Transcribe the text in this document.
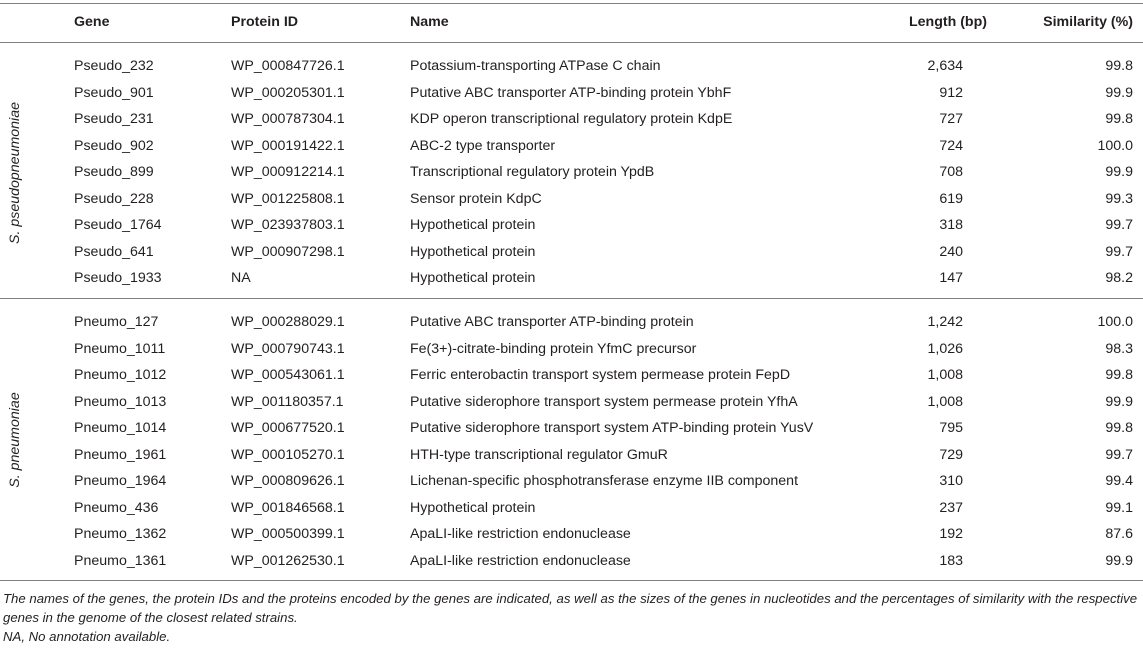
Gene	Protein ID	Name	Length (bp)	Similarity (%)
S. pseudopneumoniae
Pseudo_232	WP_000847726.1	Potassium-transporting ATPase C chain	2,634	99.8
Pseudo_901	WP_000205301.1	Putative ABC transporter ATP-binding protein YbhF	912	99.9
Pseudo_231	WP_000787304.1	KDP operon transcriptional regulatory protein KdpE	727	99.8
Pseudo_902	WP_000191422.1	ABC-2 type transporter	724	100.0
Pseudo_899	WP_000912214.1	Transcriptional regulatory protein YpdB	708	99.9
Pseudo_228	WP_001225808.1	Sensor protein KdpC	619	99.3
Pseudo_1764	WP_023937803.1	Hypothetical protein	318	99.7
Pseudo_641	WP_000907298.1	Hypothetical protein	240	99.7
Pseudo_1933	NA	Hypothetical protein	147	98.2
S. pneumoniae
Pneumo_127	WP_000288029.1	Putative ABC transporter ATP-binding protein	1,242	100.0
Pneumo_1011	WP_000790743.1	Fe(3+)-citrate-binding protein YfmC precursor	1,026	98.3
Pneumo_1012	WP_000543061.1	Ferric enterobactin transport system permease protein FepD	1,008	99.8
Pneumo_1013	WP_001180357.1	Putative siderophore transport system permease protein YfhA	1,008	99.9
Pneumo_1014	WP_000677520.1	Putative siderophore transport system ATP-binding protein YusV	795	99.8
Pneumo_1961	WP_000105270.1	HTH-type transcriptional regulator GmuR	729	99.7
Pneumo_1964	WP_000809626.1	Lichenan-specific phosphotransferase enzyme IIB component	310	99.4
Pneumo_436	WP_001846568.1	Hypothetical protein	237	99.1
Pneumo_1362	WP_000500399.1	ApaLI-like restriction endonuclease	192	87.6
Pneumo_1361	WP_001262530.1	ApaLI-like restriction endonuclease	183	99.9
The names of the genes, the protein IDs and the proteins encoded by the genes are indicated, as well as the sizes of the genes in nucleotides and the percentages of similarity with the respective genes in the genome of the closest related strains.
NA, No annotation available.
